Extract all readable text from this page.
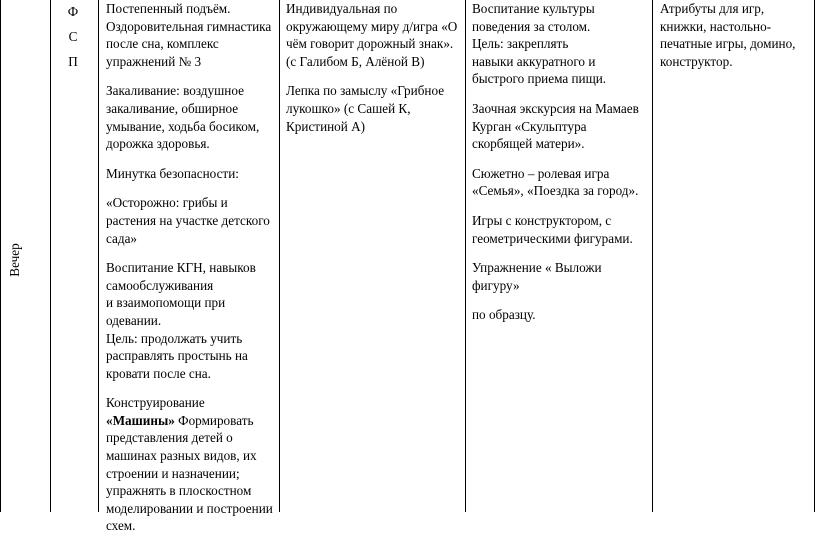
Вечер
Ф
С
П

Постепенный подъём. Оздоровительная гимнастика после сна, комплекс упражнений № 3

Закаливание: воздушное закаливание, обширное умывание, ходьба босиком, дорожка здоровья.

Минутка безопасности:

«Осторожно: грибы и растения на участке детского сада»

Воспитание КГН, навыков самообслуживания

и взаимопомощи при одевании.

Цель: продолжать учить расправлять простынь на кровати после сна.

Конструирование

«Машины» Формировать представления детей о машинах разных видов, их строении и назначении; упражнять в плоскостном моделировании и построении схем.

Индивидуальная по окружающему миру д/игра «О чём говорит дорожный знак». (с Галибом Б, Алёной В)

Лепка по замыслу «Грибное лукошко» (с Сашей К, Кристиной А)

Воспитание культуры поведения за столом.

Цель: закреплять

навыки аккуратного и быстрого приема пищи.

Заочная экскурсия на Мамаев Курган «Скульптура скорбящей матери».

Сюжетно – ролевая игра «Семья», «Поездка за город».

Игры с конструктором, с геометрическими фигурами.

Упражнение « Выложи фигуру»

по образцу.

Атрибуты для игр, книжки, настольно- печатные игры, домино, конструктор.
